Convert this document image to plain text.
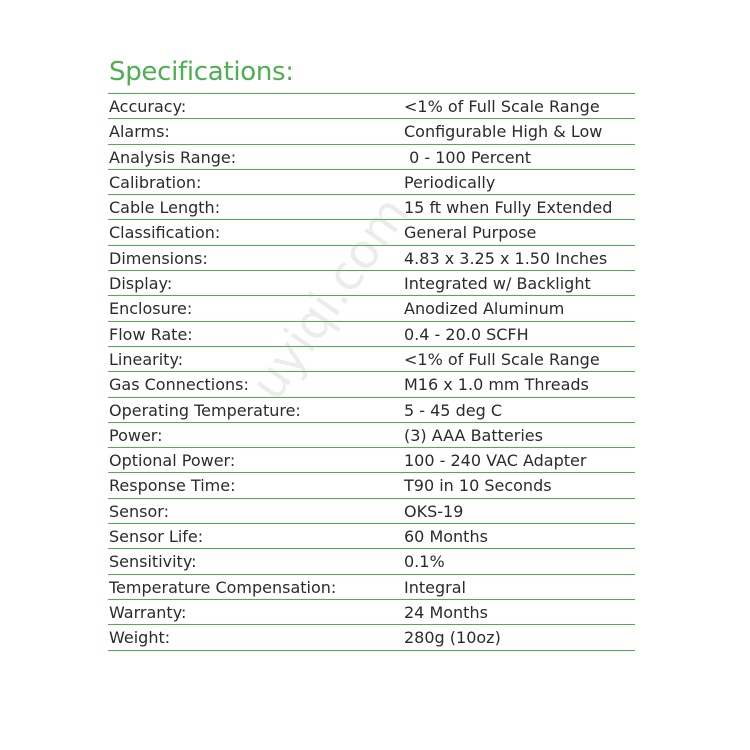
Specifications:
Accuracy:	<1% of Full Scale Range
Alarms:	Configurable High & Low
Analysis Range:	0 - 100 Percent
Calibration:	Periodically
Cable Length:	15 ft when Fully Extended
Classification:	General Purpose
Dimensions:	4.83 x 3.25 x 1.50 Inches
Display:	Integrated w/ Backlight
Enclosure:	Anodized Aluminum
Flow Rate:	0.4 - 20.0 SCFH
Linearity:	<1% of Full Scale Range
Gas Connections:	M16 x 1.0 mm Threads
Operating Temperature:	5 - 45 deg C
Power:	(3) AAA Batteries
Optional Power:	100 - 240 VAC Adapter
Response Time:	T90 in 10 Seconds
Sensor:	OKS-19
Sensor Life:	60 Months
Sensitivity:	0.1%
Temperature Compensation:	Integral
Warranty:	24 Months
Weight:	280g (10oz)
uyiqi.com
